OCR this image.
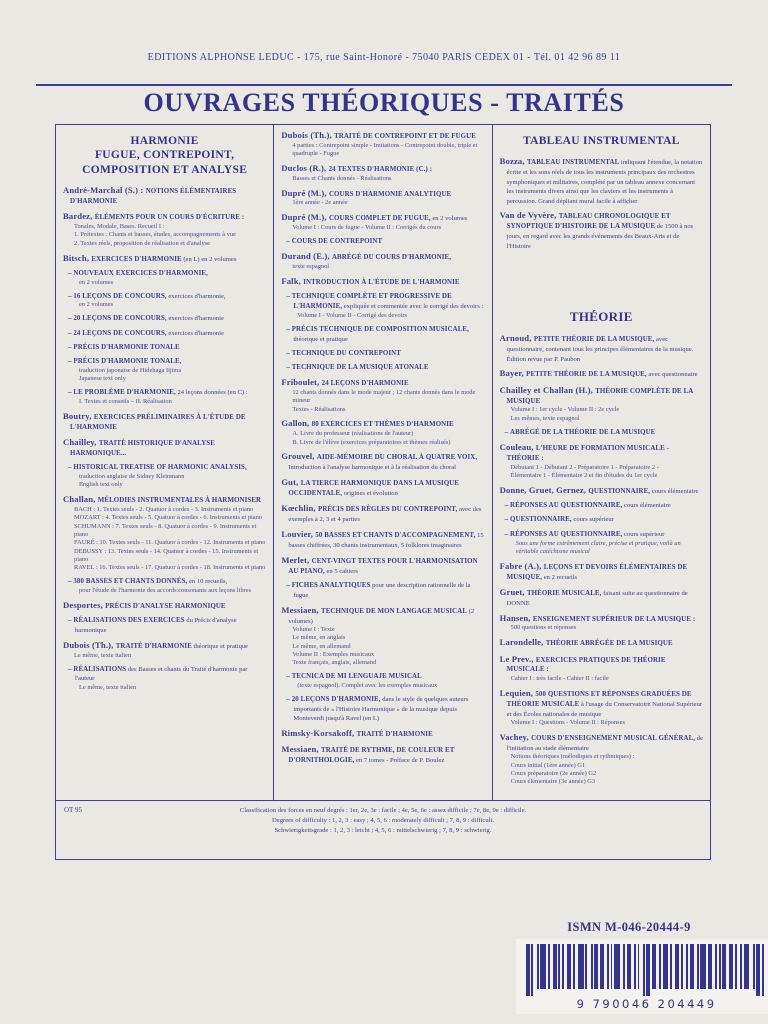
EDITIONS ALPHONSE LEDUC - 175, rue Saint-Honoré - 75040 PARIS CEDEX 01 - Tél. 01 42 96 89 11
OUVRAGES THÉORIQUES - TRAITÉS
HARMONIE
FUGUE, CONTREPOINT,
COMPOSITION ET ANALYSE
André-Marchal (S.) : NOTIONS ÉLÉMENTAIRES D'HARMONIE
Bardez, ÉLÉMENTS POUR UN COURS D'ÉCRITURE :
Tonales, Modale, Bases. Recueil I :
1. Prétextes : Chants et basses, études, accompagnements à vue
2. Textes réels, proposition de réalisation et d'analyse
Bitsch, EXERCICES D'HARMONIE (en L) en 2 volumes
– NOUVEAUX EXERCICES D'HARMONIE,
en 2 volumes
– 16 LEÇONS DE CONCOURS, exercices d'harmonie,
en 2 volumes
– 20 LEÇONS DE CONCOURS, exercices d'harmonie
– 24 LEÇONS DE CONCOURS, exercices d'harmonie
– PRÉCIS D'HARMONIE TONALE
– PRÉCIS D'HARMONIE TONALE,
traduction japonaise de Hidehaga Iijima
Japanese text only
– LE PROBLÈME D'HARMONIE, 24 leçons données (en C) :
I. Textes et conseils – II. Réalisation
Boutry, EXERCICES PRÉLIMINAIRES À L'ÉTUDE DE L'HARMONIE
Chailley, TRAITÉ HISTORIQUE D'ANALYSE HARMONIQUE...
– HISTORICAL TREATISE OF HARMONIC ANALYSIS,
traduction anglaise de Sidney Kleinmann
English text only
Challan, MÉLODIES INSTRUMENTALES À HARMONISER
BACH : 1. Textes seuls - 2. Quatuor à cordes - 3. Instruments et piano
MOZART : 4. Textes seuls - 5. Quatuor à cordes - 6. Instruments et piano
SCHUMANN : 7. Textes seuls - 8. Quatuor à cordes - 9. Instruments et piano
FAURÉ : 10. Textes seuls - 11. Quatuor à cordes - 12. Instruments et piano
DEBUSSY : 13. Textes seuls - 14. Quatuor à cordes - 15. Instruments et piano
RAVEL : 16. Textes seuls - 17. Quatuor à cordes - 18. Instruments et piano
– 380 BASSES ET CHANTS DONNÉS, en 10 recueils,
pour l'étude de l'harmonie des accords consonants aux leçons libres
Desportes, PRÉCIS D'ANALYSE HARMONIQUE
– RÉALISATIONS DES EXERCICES du Précis d'analyse harmonique
Dubois (Th.), TRAITÉ D'HARMONIE théorique et pratique
Le même, texte italien
– RÉALISATIONS des Basses et chants du Traité d'harmonie par l'auteur
Le même, texte italien
Dubois (Th.), TRAITÉ DE CONTREPOINT ET DE FUGUE
4 parties : Contrepoint simple - Imitations - Contrepoint double, triple et quadruple - Fugue
Duclos (R.), 24 TEXTES D'HARMONIE (C.) :
Basses et Chants donnés - Réalisations
Dupré (M.), COURS D'HARMONIE ANALYTIQUE
1ère année - 2e année
Dupré (M.), COURS COMPLET DE FUGUE, en 2 volumes
Volume I : Cours de fugue - Volume II : Corrigés du cours
– COURS DE CONTREPOINT
Durand (E.), ABRÉGÉ DU COURS D'HARMONIE,
texte espagnol
Falk, INTRODUCTION À L'ÉTUDE DE L'HARMONIE
– TECHNIQUE COMPLÈTE ET PROGRESSIVE DE L'HARMONIE, expliquée et commentée avec le corrigé des devoirs :
Volume I - Volume II - Corrigé des devoirs
– PRÉCIS TECHNIQUE DE COMPOSITION MUSICALE, théorique et pratique
– TECHNIQUE DU CONTREPOINT
– TECHNIQUE DE LA MUSIQUE ATONALE
Friboulet, 24 LEÇONS D'HARMONIE
12 chants donnés dans le mode majeur ; 12 chants donnés dans le mode mineur
Textes - Réalisations
Gallon, 80 EXERCICES ET THÈMES D'HARMONIE
A. Livre du professeur (réalisations de l'auteur)
B. Livre de l'élève (exercices préparatoires et thèmes réalisés)
Grouvel, AIDE-MÉMOIRE DU CHORAL À QUATRE VOIX, Introduction à l'analyse harmonique et à la réalisation du choral
Gut, LA TIERCE HARMONIQUE DANS LA MUSIQUE OCCIDENTALE, origines et évolution
Kœchlin, PRÉCIS DES RÈGLES DU CONTREPOINT, avec des exemples à 2, 3 et 4 parties
Louvier, 50 BASSES ET CHANTS D'ACCOMPAGNEMENT, 15 basses chiffrées, 30 chants instrumentaux, 5 folklores imaginaires
Merlet, CENT-VINGT TEXTES POUR L'HARMONISATION AU PIANO, en 5 cahiers
– FICHES ANALYTIQUES pour une description rationnelle de la fugue
Messiaen, TECHNIQUE DE MON LANGAGE MUSICAL (2 volumes)
Volume I : Texte
Le même, en anglais
Le même, en allemand
Volume II : Exemples musicaux
Texte français, anglais, allemand
– TECNICA DE MI LENGUAJE MUSICAL
(texte espagnol). Complet avec les exemples musicaux
– 20 LEÇONS D'HARMONIE, dans le style de quelques auteurs importants de « l'Histoire Harmonique » de la musique depuis Monteverdi jusqu'à Ravel (en L)
Rimsky-Korsakoff, TRAITÉ D'HARMONIE
Messiaen, TRAITÉ DE RYTHME, DE COULEUR ET D'ORNITHOLOGIE, en 7 tomes - Préface de P. Boulez
TABLEAU INSTRUMENTAL
Bozza, TABLEAU INSTRUMENTAL indiquant l'étendue, la notation écrite et les sons réels de tous les instruments principaux des orchestres symphoniques et militaires, complété par un tableau annexe concernant les instruments divers ainsi que les claviers et les instruments à percussion. Grand dépliant mural facile à afficher
Van de Vyvère, TABLEAU CHRONOLOGIQUE ET SYNOPTIQUE D'HISTOIRE DE LA MUSIQUE de 1500 à nos jours, en regard avec les grands événements des Beaux-Arts et de l'Histoire
THÉORIE
Arnoud, PETITE THÉORIE DE LA MUSIQUE, avec questionnaire, contenant tous les principes élémentaires de la musique. Édition revue par P. Paubon
Bayer, PETITE THÉORIE DE LA MUSIQUE, avec questionnaire
Chailley et Challan (H.), THÉORIE COMPLÈTE DE LA MUSIQUE
Volume I : 1er cycle - Volume II : 2e cycle
Les mêmes, texte espagnol
– ABRÉGÉ DE LA THÉORIE DE LA MUSIQUE
Couleau, L'HEURE DE FORMATION MUSICALE - THÉORIE :
Débutant 1 - Débutant 2 - Préparatoire 1 - Préparatoire 2 -
Élémentaire 1 - Élémentaire 2 et fin d'études du 1er cycle
Donne, Gruet, Gernez, QUESTIONNAIRE, cours élémentaire
– RÉPONSES AU QUESTIONNAIRE, cours élémentaire
– QUESTIONNAIRE, cours supérieur
– RÉPONSES AU QUESTIONNAIRE, cours supérieur
Sous une forme extrêmement claire, précise et pratique, voilà un véritable catéchisme musical
Fabre (A.), LEÇONS ET DEVOIRS ÉLÉMENTAIRES DE MUSIQUE, en 2 recueils
Gruet, THÉORIE MUSICALE, faisant suite au questionnaire de DONNE
Hansen, ENSEIGNEMENT SUPÉRIEUR DE LA MUSIQUE :
500 questions et réponses
Larondelle, THÉORIE ABRÉGÉE DE LA MUSIQUE
Le Prev., EXERCICES PRATIQUES DE THÉORIE MUSICALE :
Cahier I : très facile - Cahier II : facile
Lequien, 500 QUESTIONS ET RÉPONSES GRADUÉES DE THÉORIE MUSICALE à l'usage du Conservatoire National Supérieur et des Écoles nationales de musique
Volume I : Questions - Volume II : Réponses
Vachey, COURS D'ENSEIGNEMENT MUSICAL GÉNÉRAL, de l'initiation au stade élémentaire
Notions théoriques (mélodiques et rythmiques) :
Cours initial (1ère année) G1
Cours préparatoire (2e année) G2
Cours élémentaire (3e année) G3
OT 95	Classification des forces en neuf degrés : 1er, 2e, 3e : facile ; 4e, 5e, 6e : assez difficile ; 7e, 8e, 9e : difficile.
Degrees of difficulty : 1, 2, 3 : easy ; 4, 5, 6 : moderately difficult ; 7, 8, 9 : difficult.
Schwierigkeitsgrade : 1, 2, 3 : leicht ; 4, 5, 6 : mittelschwierig ; 7, 8, 9 : schwierig.
ISMN M-046-20444-9
9 790046 204449
